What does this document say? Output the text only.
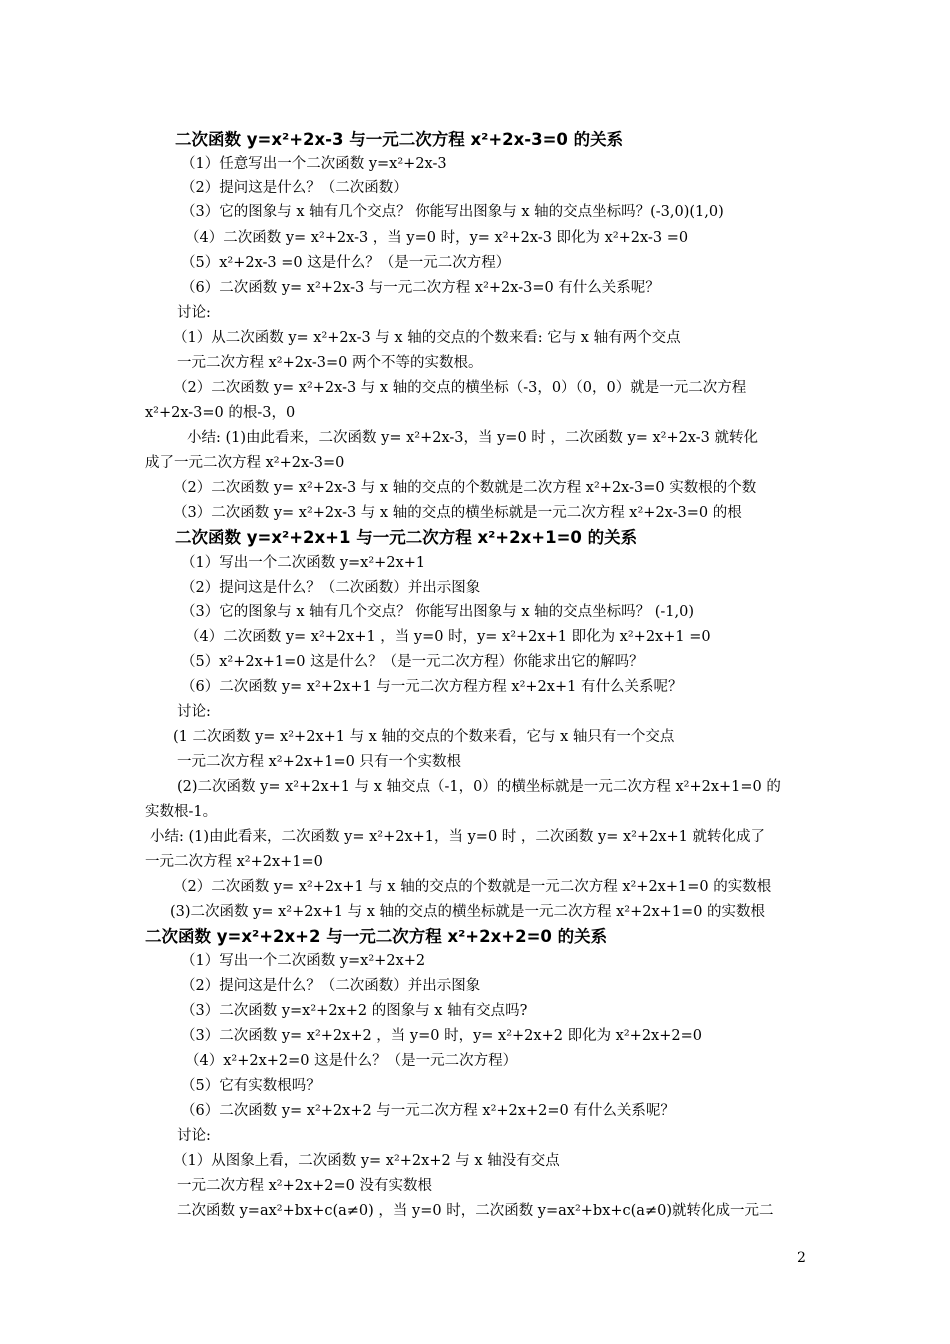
二次函数 y=x²+2x-3 与一元二次方程 x²+2x-3=0 的关系
（1）任意写出一个二次函数 y=x²+2x-3
（2）提问这是什么？（二次函数）
（3）它的图象与 x 轴有几个交点？ 你能写出图象与 x 轴的交点坐标吗？(-3,0)(1,0)
（4）二次函数 y= x²+2x-3 ，当 y=0 时，y= x²+2x-3 即化为 x²+2x-3 =0
（5）x²+2x-3 =0 这是什么？（是一元二次方程）
（6）二次函数 y= x²+2x-3 与一元二次方程 x²+2x-3=0 有什么关系呢？
讨论:
（1）从二次函数 y= x²+2x-3 与 x 轴的交点的个数来看: 它与 x 轴有两个交点
一元二次方程 x²+2x-3=0 两个不等的实数根。
（2）二次函数 y= x²+2x-3 与 x 轴的交点的横坐标（-3，0）（0，0）就是一元二次方程
x²+2x-3=0 的根-3，0
小结: (1)由此看来，二次函数 y= x²+2x-3，当 y=0 时 ，二次函数 y= x²+2x-3 就转化
成了一元二次方程 x²+2x-3=0
（2）二次函数 y= x²+2x-3 与 x 轴的交点的个数就是二次方程 x²+2x-3=0 实数根的个数
（3）二次函数 y= x²+2x-3 与 x 轴的交点的横坐标就是一元二次方程 x²+2x-3=0 的根
二次函数 y=x²+2x+1 与一元二次方程 x²+2x+1=0 的关系
（1）写出一个二次函数 y=x²+2x+1
（2）提问这是什么？（二次函数）并出示图象
（3）它的图象与 x 轴有几个交点？ 你能写出图象与 x 轴的交点坐标吗？ (-1,0)
（4）二次函数 y= x²+2x+1 ，当 y=0 时，y= x²+2x+1 即化为 x²+2x+1 =0
（5）x²+2x+1=0 这是什么？（是一元二次方程）你能求出它的解吗？
（6）二次函数 y= x²+2x+1 与一元二次方程方程 x²+2x+1 有什么关系呢？
讨论:
(1 二次函数 y= x²+2x+1 与 x 轴的交点的个数来看，它与 x 轴只有一个交点
一元二次方程 x²+2x+1=0 只有一个实数根
(2)二次函数 y= x²+2x+1 与 x 轴交点（-1，0）的横坐标就是一元二次方程 x²+2x+1=0 的
实数根-1。
小结: (1)由此看来，二次函数 y= x²+2x+1，当 y=0 时 ，二次函数 y= x²+2x+1 就转化成了
一元二次方程 x²+2x+1=0
（2）二次函数 y= x²+2x+1 与 x 轴的交点的个数就是一元二次方程 x²+2x+1=0 的实数根
(3)二次函数 y= x²+2x+1 与 x 轴的交点的横坐标就是一元二次方程 x²+2x+1=0 的实数根
二次函数 y=x²+2x+2 与一元二次方程 x²+2x+2=0 的关系
（1）写出一个二次函数 y=x²+2x+2
（2）提问这是什么？（二次函数）并出示图象
（3）二次函数 y=x²+2x+2 的图象与 x 轴有交点吗?
（3）二次函数 y= x²+2x+2 ，当 y=0 时，y= x²+2x+2 即化为 x²+2x+2=0
（4）x²+2x+2=0 这是什么？（是一元二次方程）
（5）它有实数根吗？
（6）二次函数 y= x²+2x+2 与一元二次方程 x²+2x+2=0 有什么关系呢？
讨论:
（1）从图象上看，二次函数 y= x²+2x+2 与 x 轴没有交点
一元二次方程 x²+2x+2=0 没有实数根
二次函数 y=ax²+bx+c(a≠0) ，当 y=0 时，二次函数 y=ax²+bx+c(a≠0)就转化成一元二
2
